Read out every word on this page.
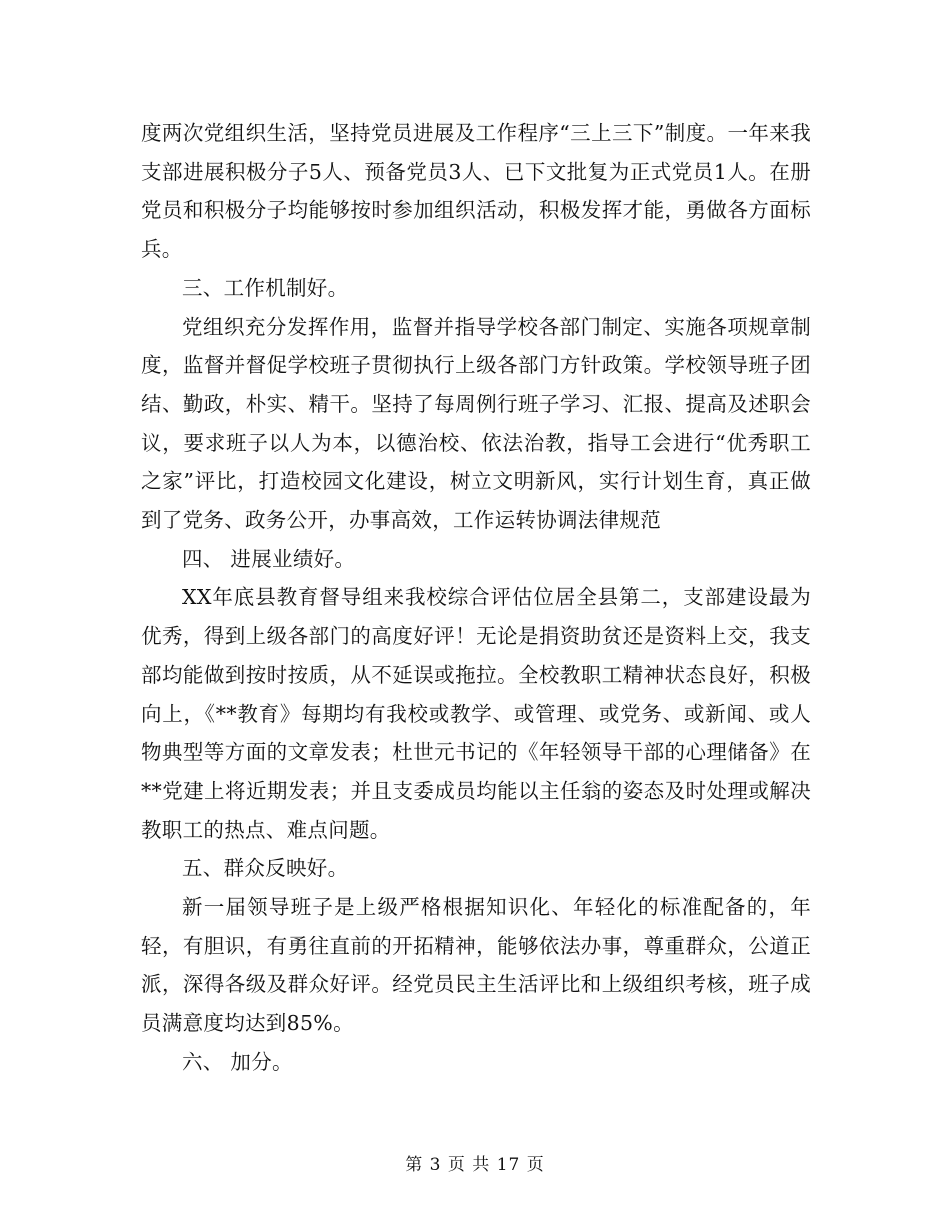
度两次党组织生活，坚持党员进展及工作程序“三上三下”制度。一年来我支部进展积极分子5人、预备党员3人、已下文批复为正式党员1人。在册党员和积极分子均能够按时参加组织活动，积极发挥才能，勇做各方面标兵。

三、工作机制好。

党组织充分发挥作用，监督并指导学校各部门制定、实施各项规章制度，监督并督促学校班子贯彻执行上级各部门方针政策。学校领导班子团结、勤政，朴实、精干。坚持了每周例行班子学习、汇报、提高及述职会议，要求班子以人为本，以德治校、依法治教，指导工会进行“优秀职工之家”评比，打造校园文化建设，树立文明新风，实行计划生育，真正做到了党务、政务公开，办事高效，工作运转协调法律规范

四、 进展业绩好。

XX年底县教育督导组来我校综合评估位居全县第二，支部建设最为优秀，得到上级各部门的高度好评！无论是捐资助贫还是资料上交，我支部均能做到按时按质，从不延误或拖拉。全校教职工精神状态良好，积极向上，《**教育》每期均有我校或教学、或管理、或党务、或新闻、或人物典型等方面的文章发表；杜世元书记的《年轻领导干部的心理储备》在**党建上将近期发表；并且支委成员均能以主任翁的姿态及时处理或解决教职工的热点、难点问题。

五、群众反映好。

新一届领导班子是上级严格根据知识化、年轻化的标准配备的，年轻，有胆识，有勇往直前的开拓精神，能够依法办事，尊重群众，公道正派，深得各级及群众好评。经党员民主生活评比和上级组织考核，班子成员满意度均达到85%。

六、 加分。

第 3 页 共 17 页
